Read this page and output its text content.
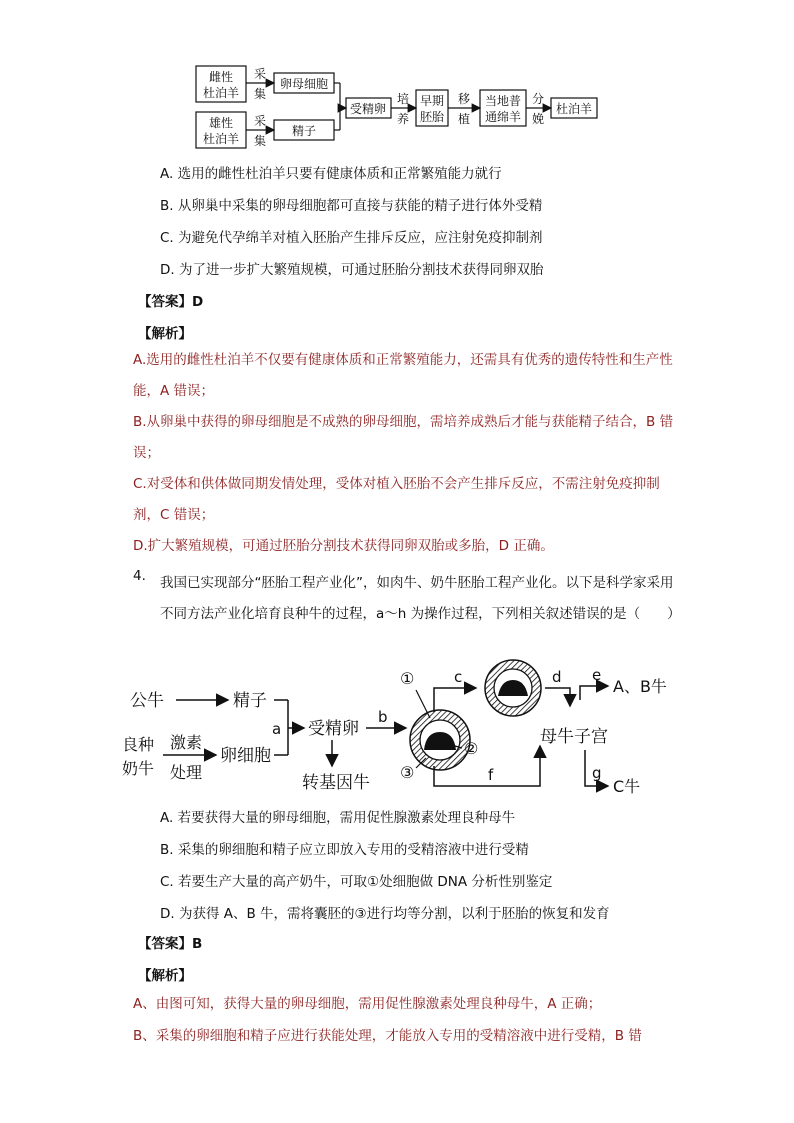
雌性
杜泊羊
雄性
杜泊羊
采
集
采
集
卵母细胞
精子
受精卵
培
养
早期
胚胎
移
植
当地普
通绵羊
分
娩
杜泊羊
A. 选用的雌性杜泊羊只要有健康体质和正常繁殖能力就行
B. 从卵巢中采集的卵母细胞都可直接与获能的精子进行体外受精
C. 为避免代孕绵羊对植入胚胎产生排斥反应，应注射免疫抑制剂
D. 为了进一步扩大繁殖规模，可通过胚胎分割技术获得同卵双胎
【答案】D
【解析】
A.选用的雌性杜泊羊不仅要有健康体质和正常繁殖能力，还需具有优秀的遗传特性和生产性能，A 错误；
B.从卵巢中获得的卵母细胞是不成熟的卵母细胞，需培养成熟后才能与获能精子结合，B 错误；
C.对受体和供体做同期发情处理，受体对植入胚胎不会产生排斥反应，不需注射免疫抑制剂，C 错误；
D.扩大繁殖规模，可通过胚胎分割技术获得同卵双胎或多胎，D 正确。
4. 我国已实现部分“胚胎工程产业化”，如肉牛、奶牛胚胎工程产业化。以下是科学家采用不同方法产业化培育良种牛的过程，a～h 为操作过程，下列相关叙述错误的是（　　）
公牛	精子
良种
奶牛
激素
处理
卵细胞
a 受精卵
b
转基因牛
c	d e
A、B牛
母牛子宫
f	g
C牛
①
②
③
A. 若要获得大量的卵母细胞，需用促性腺激素处理良种母牛
B. 采集的卵细胞和精子应立即放入专用的受精溶液中进行受精
C. 若要生产大量的高产奶牛，可取①处细胞做 DNA 分析性别鉴定
D. 为获得 A、B 牛，需将囊胚的③进行均等分割，以利于胚胎的恢复和发育
【答案】B
【解析】
A、由图可知，获得大量的卵母细胞，需用促性腺激素处理良种母牛，A 正确；
B、采集的卵细胞和精子应进行获能处理，才能放入专用的受精溶液中进行受精，B 错
